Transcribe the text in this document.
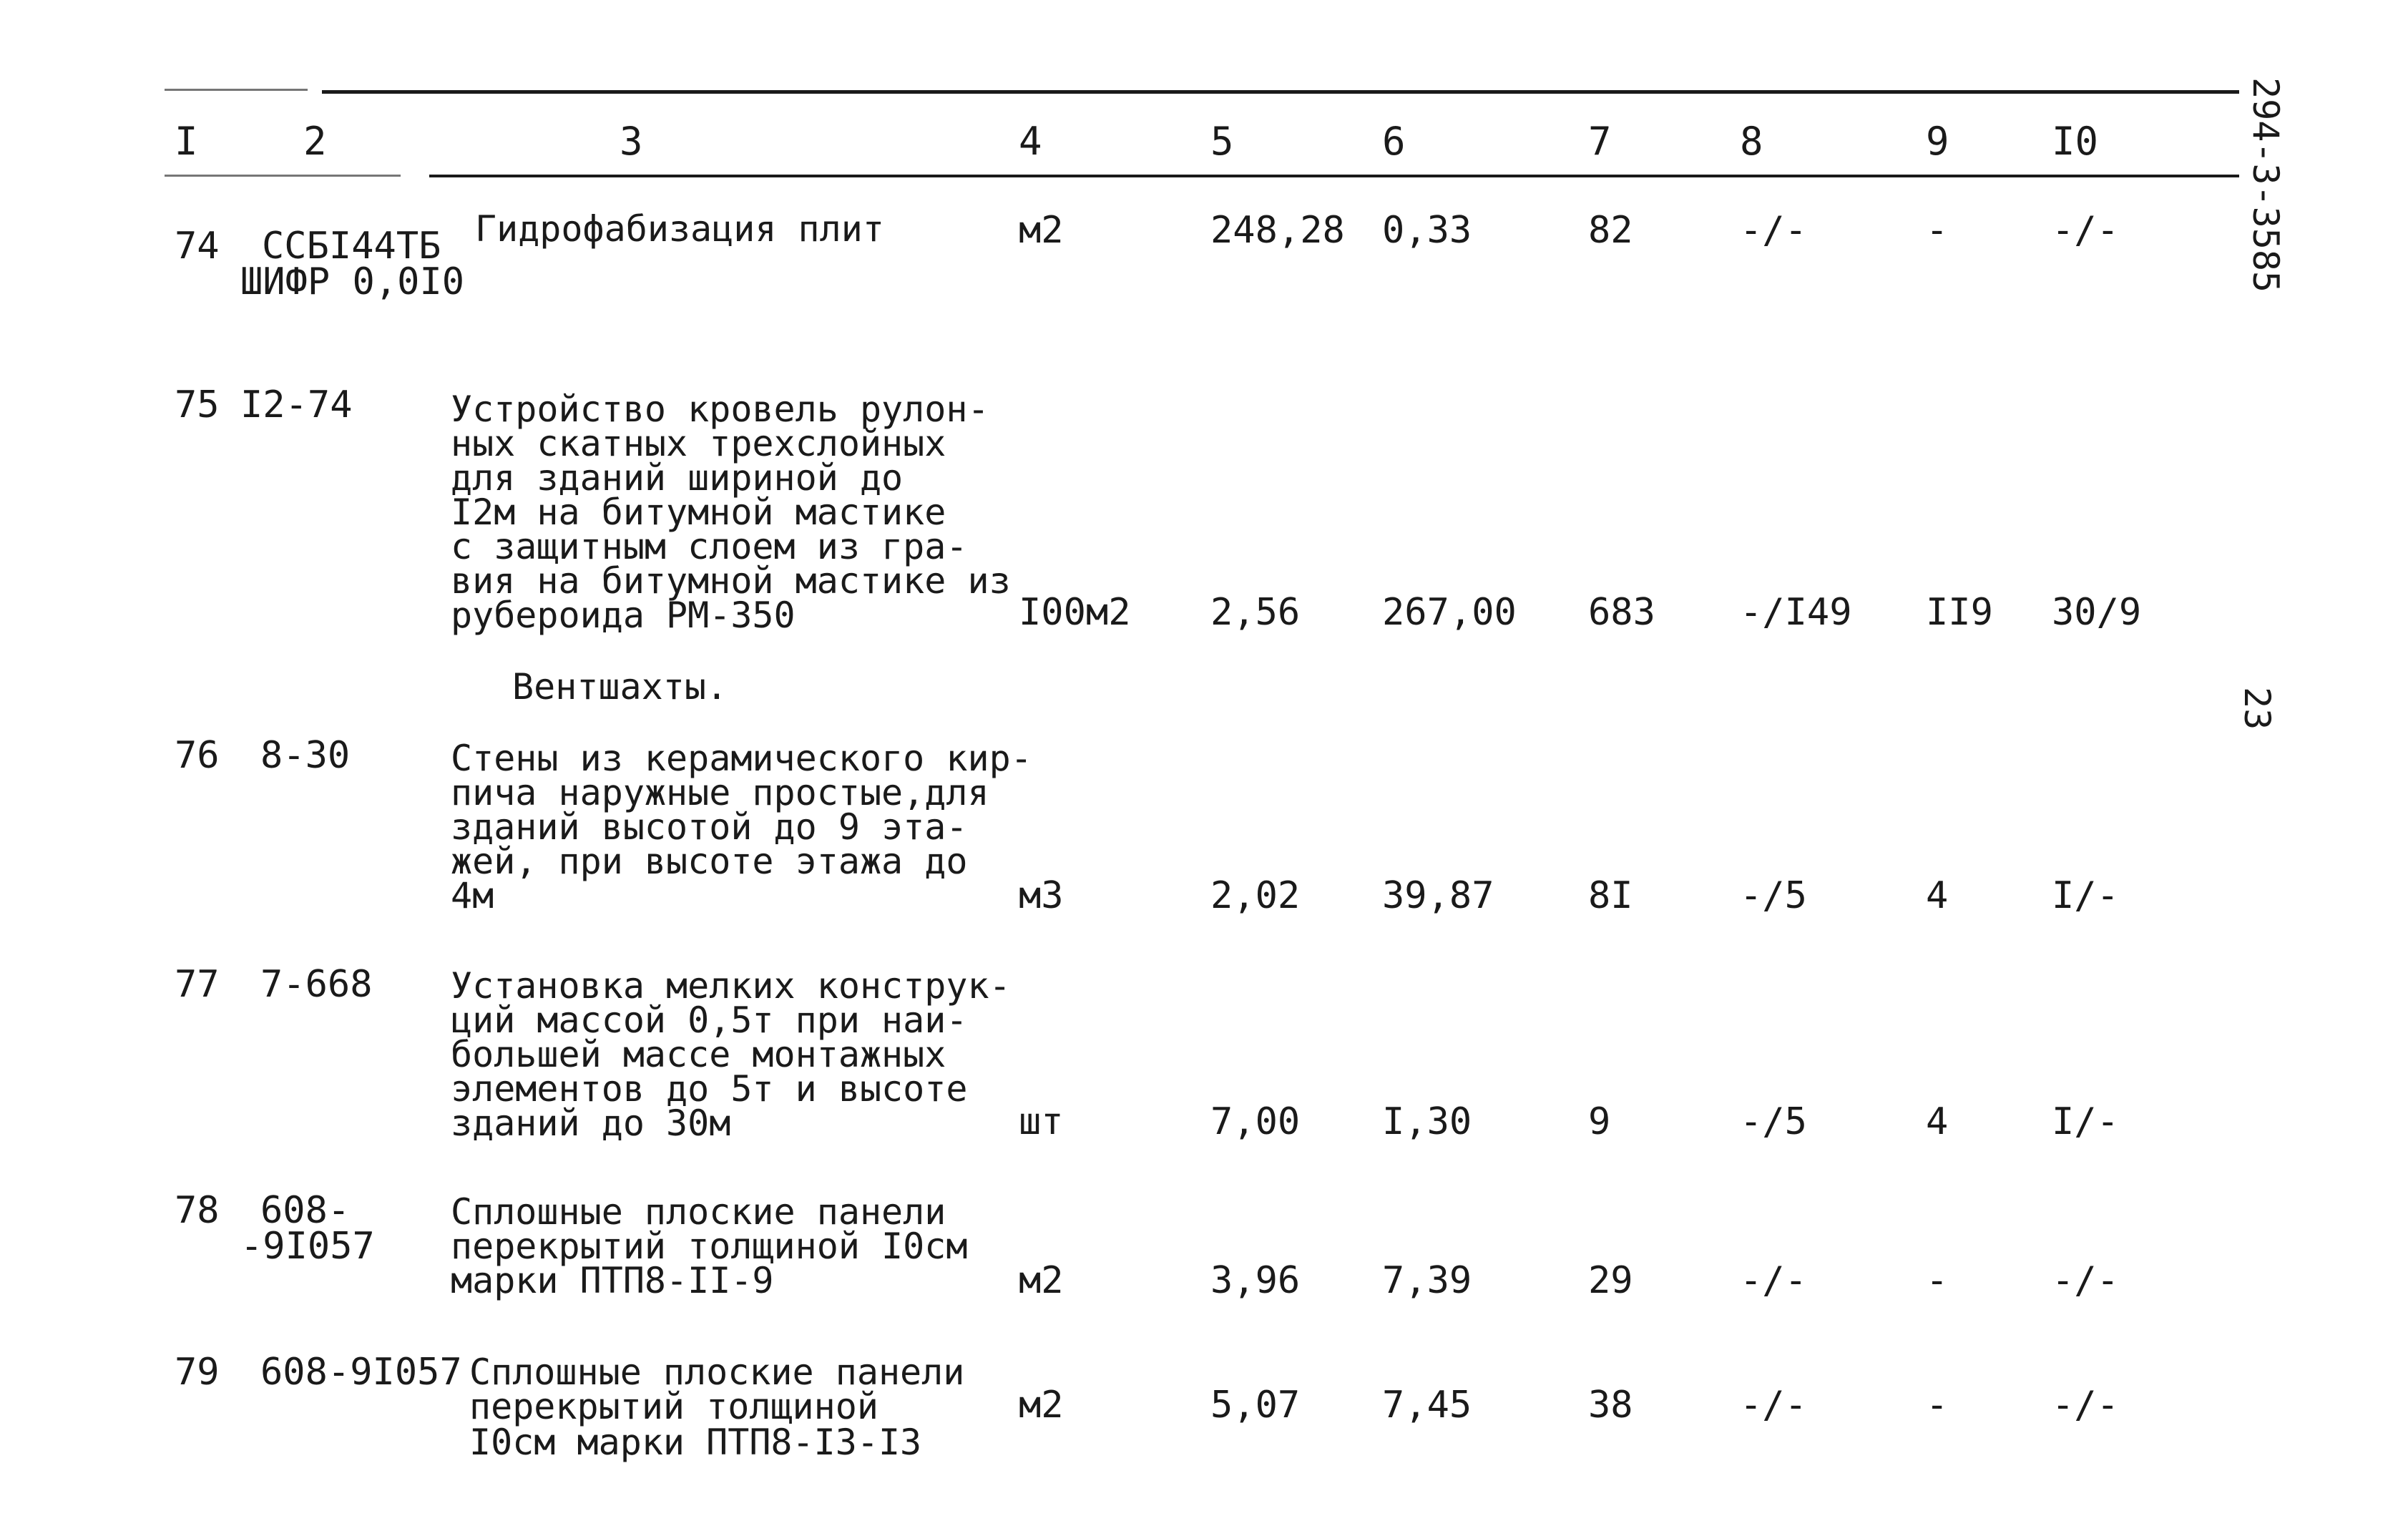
I	2	3	4	5	6	7	8	9	I0	294-3-3585
23
74 ССБI44ТБ
ШИФР 0,0I0
Гидрофабизация плит	м2	248,28 0,33	82	-/-	-	-/-
75 I2-74	Устройство кровель рулон-
ных скатных трехслойных
для зданий шириной до
I2м на битумной мастике
с защитным слоем из гра-
вия на битумной мастике из
рубероида РМ-350	I00м2 2,56 267,00 683 -/I49 II9 30/9
Вентшахты.
76 8-30	Стены из керамического кир-
пича наружные простые,для
зданий высотой до 9 эта-
жей, при высоте этажа до
4м	м3	2,02 39,87	8I	-/5	4	I/-
77 7-668 Установка мелких конструк-
ций массой 0,5т при наи-
большей массе монтажных
элементов до 5т и высоте
зданий до 30м	шт	7,00 I,30	9	-/5	4	I/-
78 608-
-9I057
Сплошные плоские панели
перекрытий толщиной I0см
марки ПТП8-II-9	м2	3,96 7,39	29	-/-	-	-/-
79 608-9I057 Сплошные плоские панели
перекрытий толщиной
I0см марки ПТП8-I3-I3
м2	5,07 7,45	38	-/-	-	-/-
